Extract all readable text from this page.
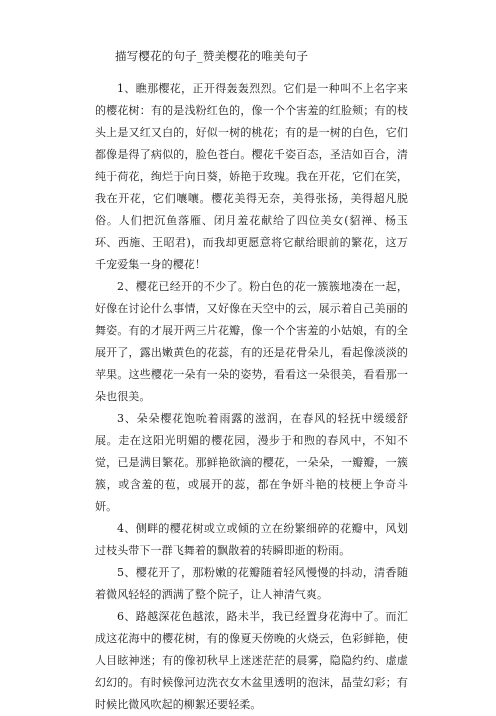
描写樱花的句子_赞美樱花的唯美句子

1、瞧那樱花，正开得轰轰烈烈。它们是一种叫不上名字来的樱花树：有的是浅粉红色的，像一个个害羞的红脸颊；有的枝头上是又红又白的，好似一树的桃花；有的是一树的白色，它们都像是得了病似的，脸色苍白。樱花千姿百态，圣洁如百合，清纯于荷花，绚烂于向日葵，娇艳于玫瑰。我在开花，它们在笑，我在开花，它们嚷嚷。樱花美得无奈，美得张扬，美得超凡脱俗。人们把沉鱼落雁、闭月羞花献给了四位美女(貂禅、杨玉环、西施、王昭君)，而我却更愿意将它献给眼前的繁花，这万千宠爱集一身的樱花！

2、樱花已经开的不少了。粉白色的花一簇簇地凑在一起，好像在讨论什么事情，又好像在天空中的云，展示着自己美丽的舞姿。有的才展开两三片花瓣，像一个个害羞的小姑娘，有的全展开了，露出嫩黄色的花蕊，有的还是花骨朵儿，看起像淡淡的苹果。这些樱花一朵有一朵的姿势，看看这一朵很美，看看那一朵也很美。

3、朵朵樱花饱吮着雨露的滋润，在春风的轻抚中缓缓舒展。走在这阳光明媚的樱花园，漫步于和煦的春风中，不知不觉，已是满目繁花。那鲜艳欲滴的樱花，一朵朵，一瓣瓣，一簇簇，或含羞的苞，或展开的蕊，都在争妍斗艳的枝梗上争奇斗妍。

4、侧畔的樱花树或立或倾的立在纷繁细碎的花瓣中，风划过枝头带下一群飞舞着的飘散着的转瞬即逝的粉雨。

5、樱花开了，那粉嫩的花瓣随着轻风慢慢的抖动，清香随着微风轻轻的洒满了整个院子，让人神清气爽。

6、路越深花色越浓，路未半，我已经置身花海中了。而汇成这花海中的樱花树，有的像夏天傍晚的火烧云，色彩鲜艳，使人目眩神迷；有的像初秋早上迷迷茫茫的晨雾，隐隐约约、虚虚幻幻的。有时候像河边洗衣女木盆里透明的泡沫，晶莹幻彩；有时候比微风吹起的柳絮还要轻柔。
